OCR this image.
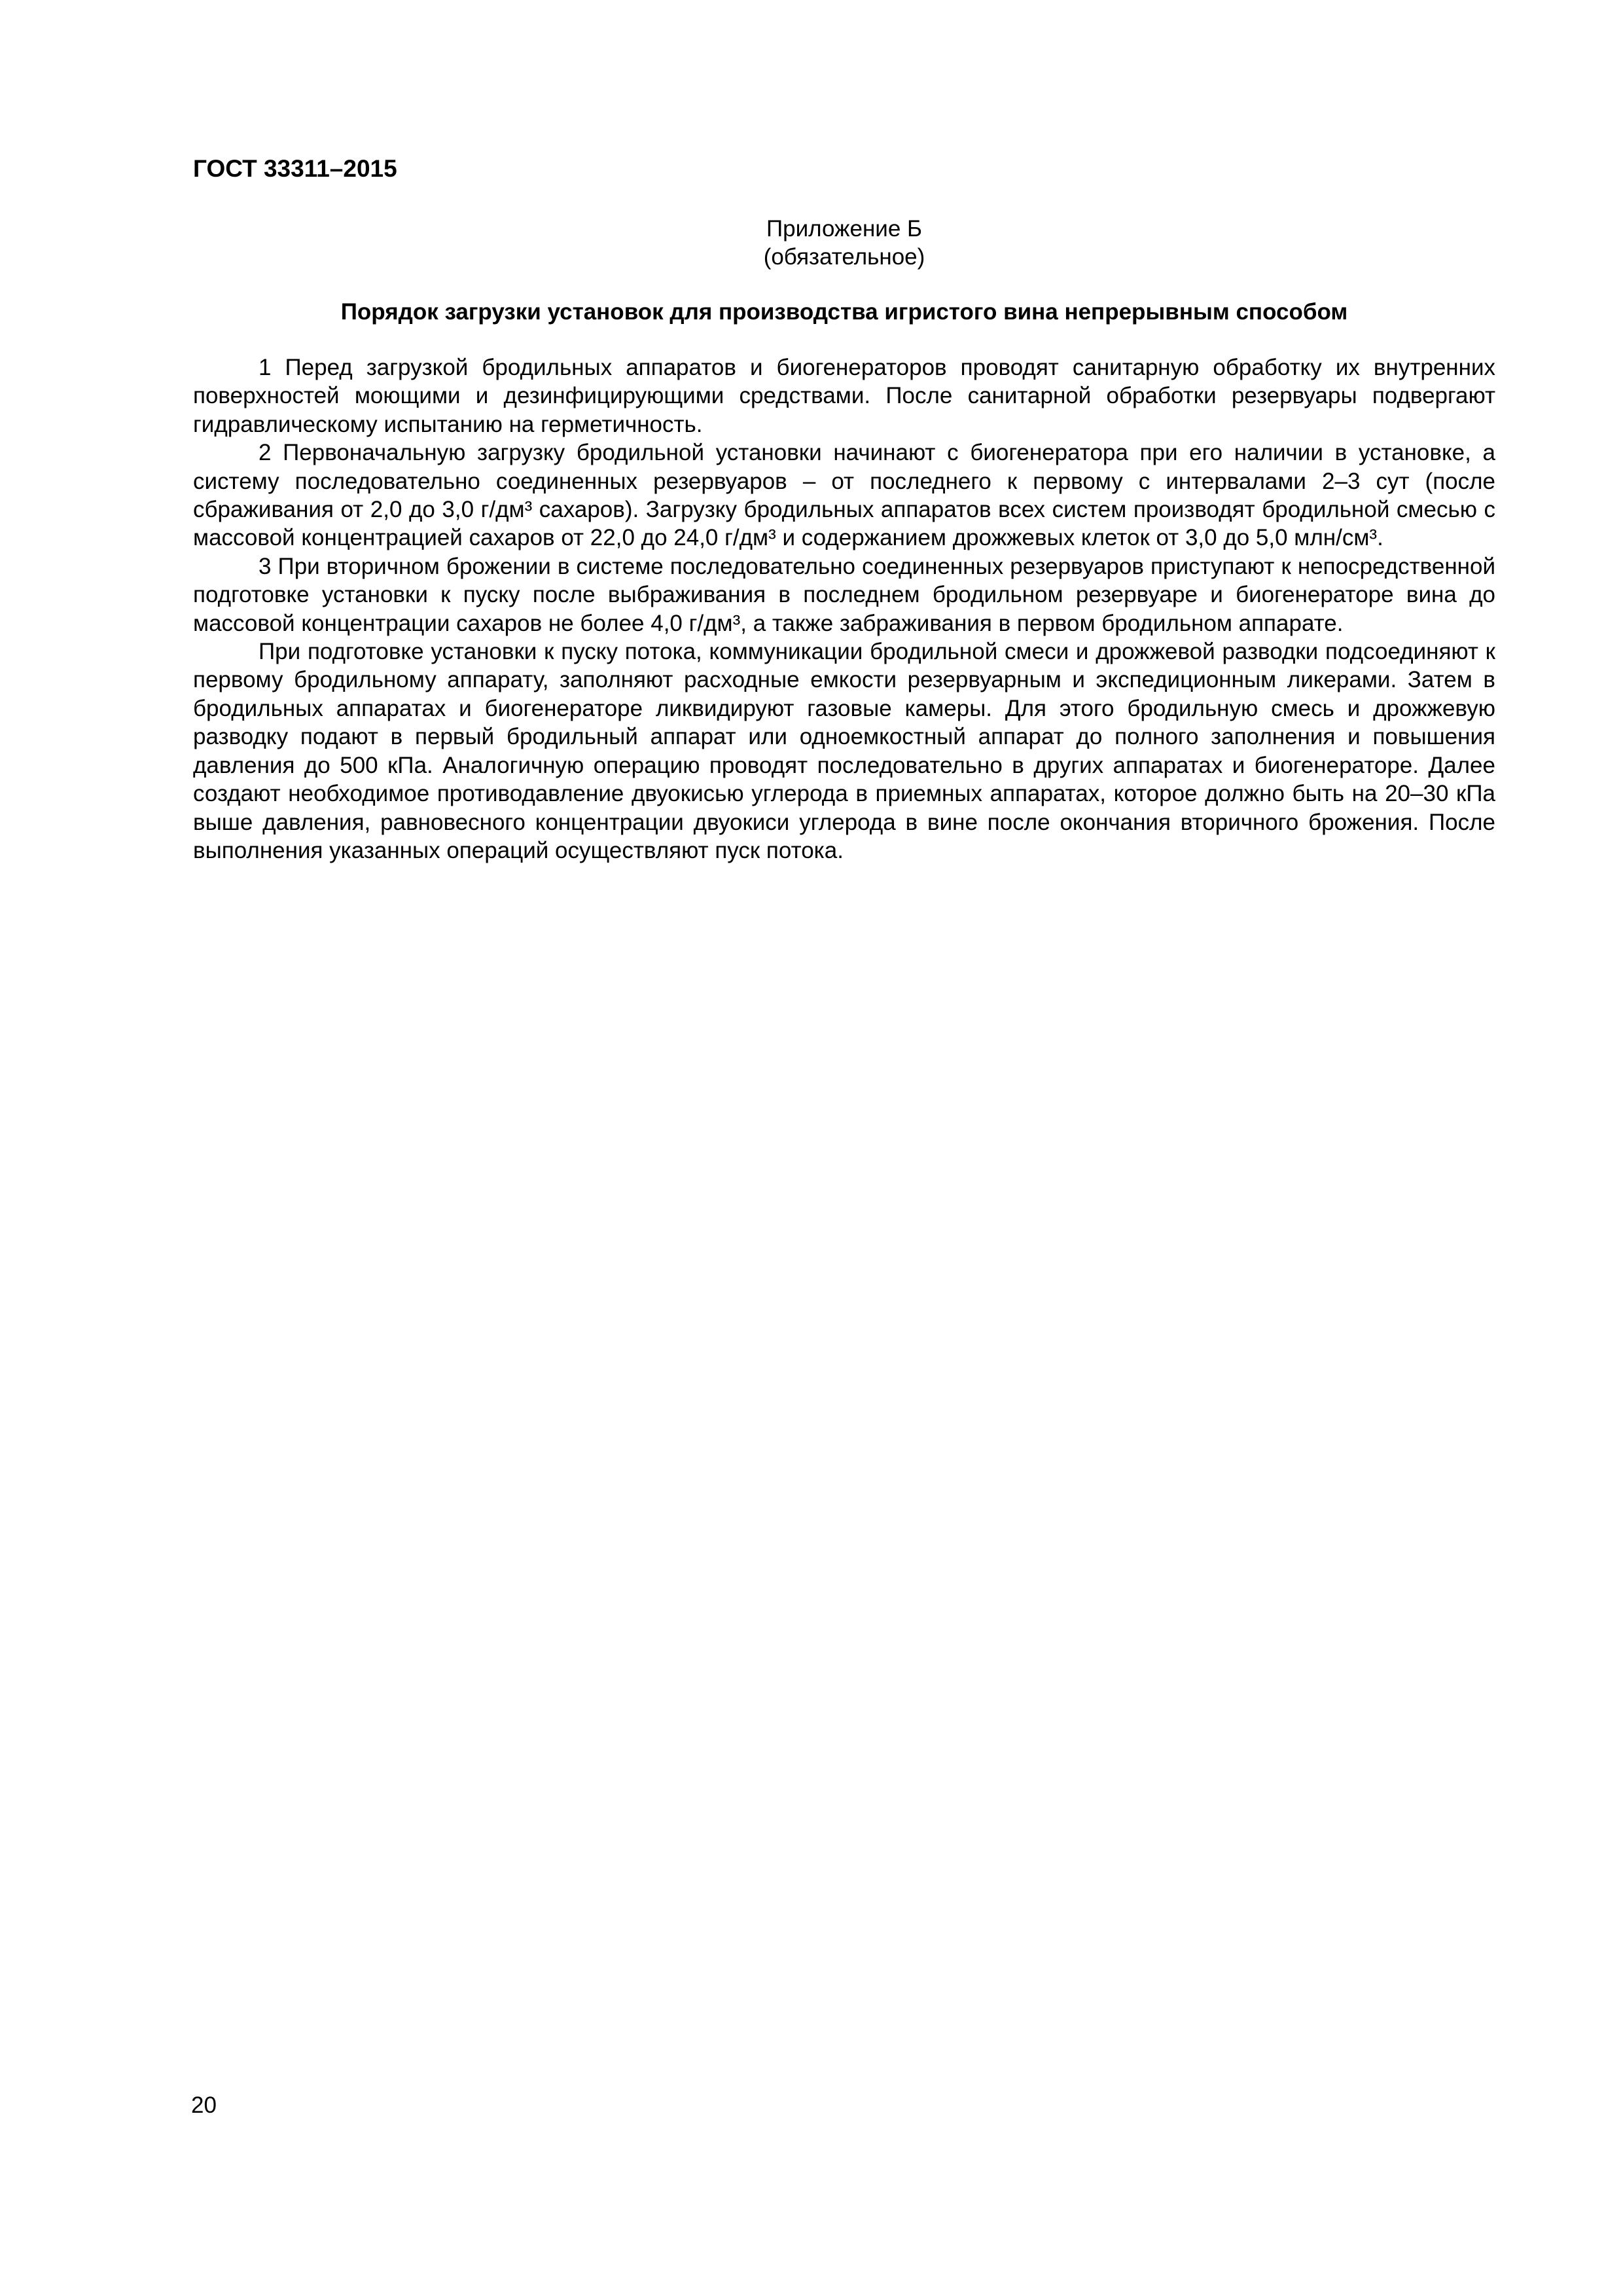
ГОСТ 33311–2015
Приложение Б
(обязательное)
Порядок загрузки установок для производства игристого вина непрерывным способом

1 Перед загрузкой бродильных аппаратов и биогенераторов проводят санитарную обработку их внутренних поверхностей моющими и дезинфицирующими средствами. После санитарной обработки резервуары подвергают гидравлическому испытанию на герметичность.

2 Первоначальную загрузку бродильной установки начинают с биогенератора при его наличии в установке, а систему последовательно соединенных резервуаров – от последнего к первому с интервалами 2–3 сут (после сбраживания от 2,0 до 3,0 г/дм³ сахаров). Загрузку бродильных аппаратов всех систем производят бродильной смесью с массовой концентрацией сахаров от 22,0 до 24,0 г/дм³ и содержанием дрожжевых клеток от 3,0 до 5,0 млн/см³.

3 При вторичном брожении в системе последовательно соединенных резервуаров приступают к непосредственной подготовке установки к пуску после выбраживания в последнем бродильном резервуаре и биогенераторе вина до массовой концентрации сахаров не более 4,0 г/дм³, а также забраживания в первом бродильном аппарате.

При подготовке установки к пуску потока, коммуникации бродильной смеси и дрожжевой разводки подсоединяют к первому бродильному аппарату, заполняют расходные емкости резервуарным и экспедиционным ликерами. Затем в бродильных аппаратах и биогенераторе ликвидируют газовые камеры. Для этого бродильную смесь и дрожжевую разводку подают в первый бродильный аппарат или одноемкостный аппарат до полного заполнения и повышения давления до 500 кПа. Аналогичную операцию проводят последовательно в других аппаратах и биогенераторе. Далее создают необходимое противодавление двуокисью углерода в приемных аппаратах, которое должно быть на 20–30 кПа выше давления, равновесного концентрации двуокиси углерода в вине после окончания вторичного брожения. После выполнения указанных операций осуществляют пуск потока.

20
